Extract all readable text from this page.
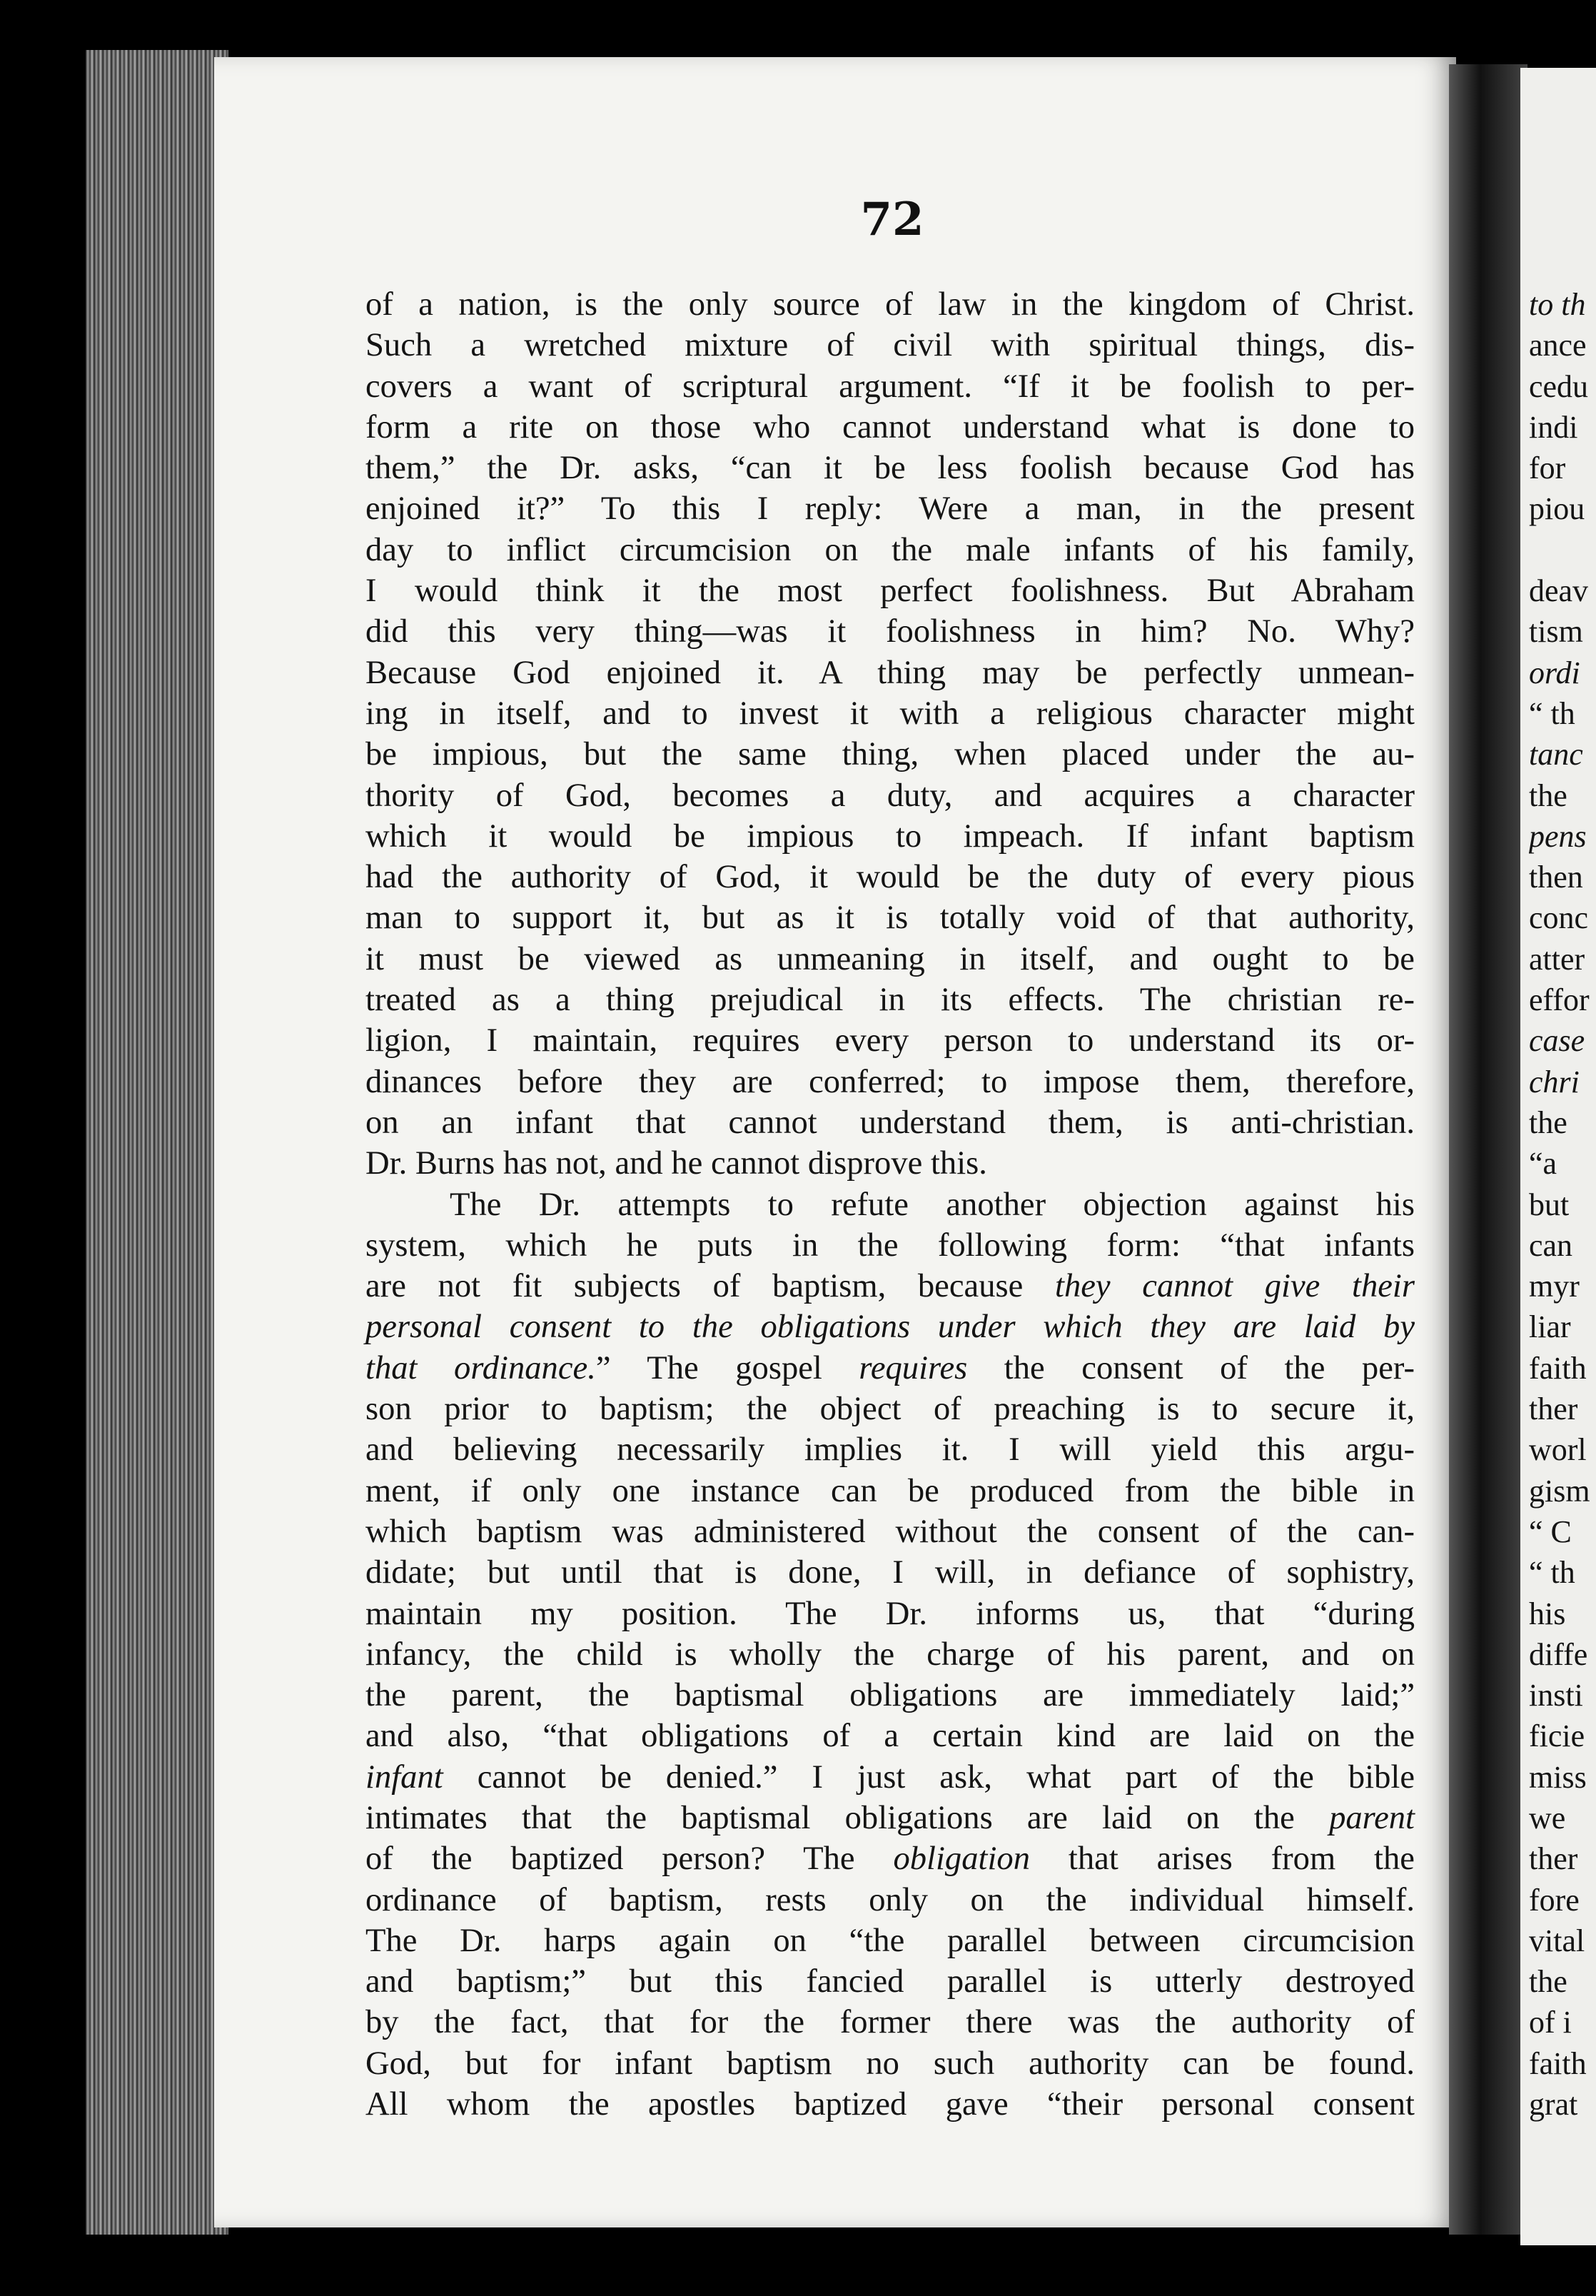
72
of a nation, is the only source of law in the kingdom of Christ.
Such a wretched mixture of civil with spiritual things, dis-
covers a want of scriptural argument. “If it be foolish to per-
form a rite on those who cannot understand what is done to
them,” the Dr. asks, “can it be less foolish because God has
enjoined it?” To this I reply: Were a man, in the present
day to inflict circumcision on the male infants of his family,
I would think it the most perfect foolishness. But Abraham
did this very thing—was it foolishness in him? No. Why?
Because God enjoined it. A thing may be perfectly unmean-
ing in itself, and to invest it with a religious character might
be impious, but the same thing, when placed under the au-
thority of God, becomes a duty, and acquires a character
which it would be impious to impeach. If infant baptism
had the authority of God, it would be the duty of every pious
man to support it, but as it is totally void of that authority,
it must be viewed as unmeaning in itself, and ought to be
treated as a thing prejudical in its effects. The christian re-
ligion, I maintain, requires every person to understand its or-
dinances before they are conferred; to impose them, therefore,
on an infant that cannot understand them, is anti-christian.
Dr. Burns has not, and he cannot disprove this.
The Dr. attempts to refute another objection against his
system, which he puts in the following form: “that infants
are not fit subjects of baptism, because they cannot give their
personal consent to the obligations under which they are laid by
that ordinance.” The gospel requires the consent of the per-
son prior to baptism; the object of preaching is to secure it,
and believing necessarily implies it. I will yield this argu-
ment, if only one instance can be produced from the bible in
which baptism was administered without the consent of the can-
didate; but until that is done, I will, in defiance of sophistry,
maintain my position. The Dr. informs us, that “during
infancy, the child is wholly the charge of his parent, and on
the parent, the baptismal obligations are immediately laid;”
and also, “that obligations of a certain kind are laid on the
infant cannot be denied.” I just ask, what part of the bible
intimates that the baptismal obligations are laid on the parent
of the baptized person? The obligation that arises from the
ordinance of baptism, rests only on the individual himself.
The Dr. harps again on “the parallel between circumcision
and baptism;” but this fancied parallel is utterly destroyed
by the fact, that for the former there was the authority of
God, but for infant baptism no such authority can be found.
All whom the apostles baptized gave “their personal consent
to th
ance
cedu
indi
for
piou
deav
tism
ordi
“ th
tanc
the
pens
then
conc
atter
effor
case
chri
the
“a
but
can
myr
liar
faith
ther
worl
gism
“ C
“ th
his
diffe
insti
ficie
miss
we
ther
fore
vital
the
of i
faith
grat
